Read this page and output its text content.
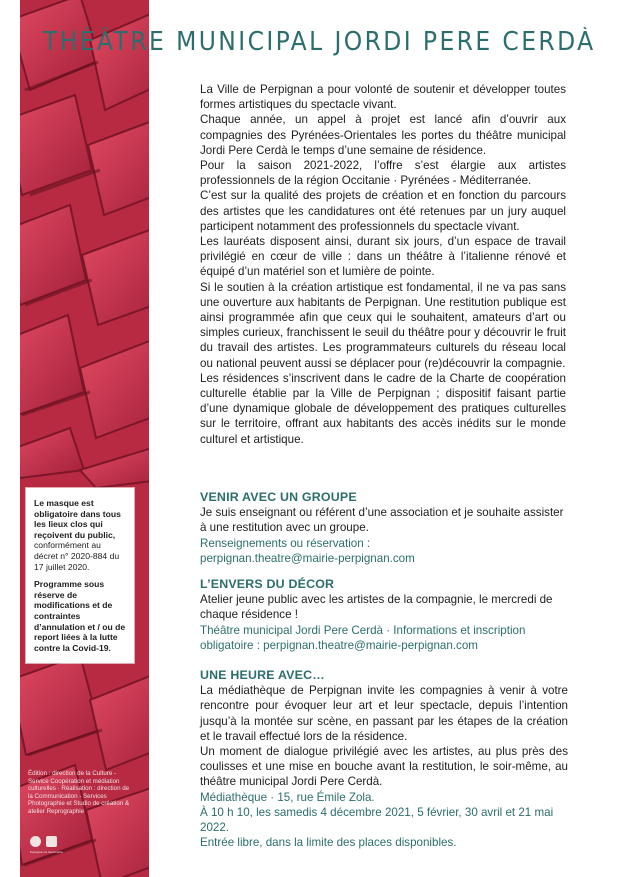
Le masque est obligatoire dans tous les lieux clos qui reçoivent du public, conformément au décret n° 2020-884 du 17 juillet 2020.

Programme sous réserve de modifications et de contraintes d’annulation et / ou de report liées à la lutte contre la Covid-19.

Édition : direction de la Culture - Service Coopération et médiation culturelles · Réalisation : direction de la Communication - Services Photographie et Studio de création & atelier Reprographie
Perpignan·la rayonnante
THÉÂTRE MUNICIPAL JORDI PERE CERDÀ

La Ville de Perpignan a pour volonté de soutenir et développer toutes formes artistiques du spectacle vivant.

Chaque année, un appel à projet est lancé afin d’ouvrir aux compagnies des Pyrénées-Orientales les portes du théâtre municipal Jordi Pere Cerdà le temps d’une semaine de résidence.

Pour la saison 2021-2022, l’offre s’est élargie aux artistes professionnels de la région Occitanie · Pyrénées - Méditerranée.

C’est sur la qualité des projets de création et en fonction du parcours des artistes que les candidatures ont été retenues par un jury auquel participent notamment des professionnels du spectacle vivant.

Les lauréats disposent ainsi, durant six jours, d’un espace de travail privilégié en cœur de ville : dans un théâtre à l’italienne rénové et équipé d’un matériel son et lumière de pointe.

Si le soutien à la création artistique est fondamental, il ne va pas sans une ouverture aux habitants de Perpignan. Une restitution publique est ainsi programmée afin que ceux qui le souhaitent, amateurs d’art ou simples curieux, franchissent le seuil du théâtre pour y découvrir le fruit du travail des artistes. Les programmateurs culturels du réseau local ou national peuvent aussi se déplacer pour (re)découvrir la compagnie.

Les résidences s’inscrivent dans le cadre de la Charte de coopération culturelle établie par la Ville de Perpignan ; dispositif faisant partie d’une dynamique globale de développement des pratiques culturelles sur le territoire, offrant aux habitants des accès inédits sur le monde culturel et artistique.

VENIR AVEC UN GROUPE

Je suis enseignant ou référent d’une association et je souhaite assister à une restitution avec un groupe.

Renseignements ou réservation :

perpignan.theatre@mairie-perpignan.com

L’ENVERS DU DÉCOR

Atelier jeune public avec les artistes de la compagnie, le mercredi de chaque résidence !

Théâtre municipal Jordi Pere Cerdà · Informations et inscription obligatoire : perpignan.theatre@mairie-perpignan.com

UNE HEURE AVEC…

La médiathèque de Perpignan invite les compagnies à venir à votre rencontre pour évoquer leur art et leur spectacle, depuis l’intention jusqu’à la montée sur scène, en passant par les étapes de la création et le travail effectué lors de la résidence.

Un moment de dialogue privilégié avec les artistes, au plus près des coulisses et une mise en bouche avant la restitution, le soir-même, au théâtre municipal Jordi Pere Cerdà.

Médiathèque · 15, rue Émile Zola.

À 10 h 10, les samedis 4 décembre 2021, 5 février, 30 avril et 21 mai 2022.

Entrée libre, dans la limite des places disponibles.
